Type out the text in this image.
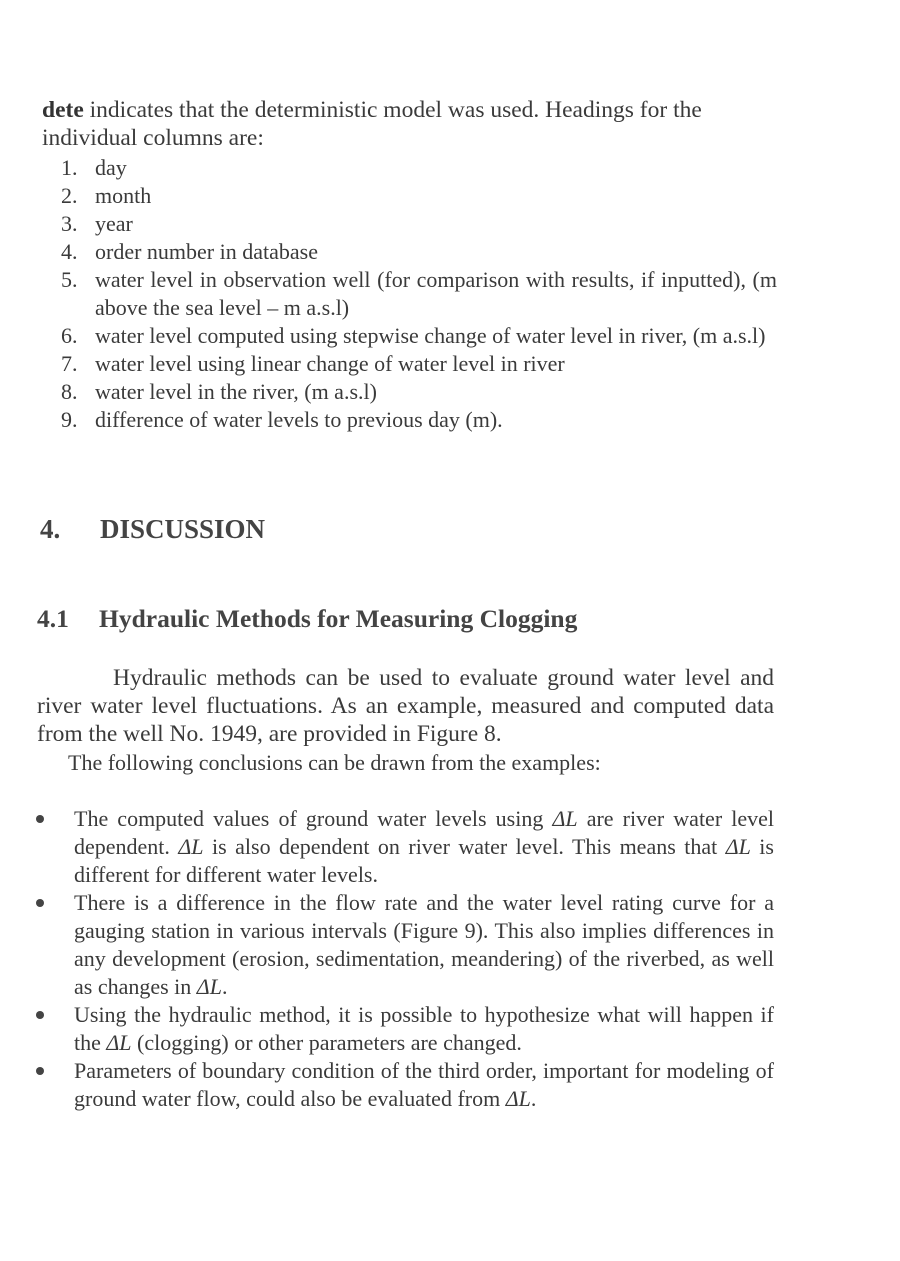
dete indicates that the deterministic model was used. Headings for the individual columns are:

1. day
2. month
3. year
4. order number in database
5. water level in observation well (for comparison with results, if inputted), (m above the sea level – m a.s.l)
6. water level computed using stepwise change of water level in river, (m a.s.l)
7. water level using linear change of water level in river
8. water level in the river, (m a.s.l)
9. difference of water levels to previous day (m).
4. DISCUSSION
4.1 Hydraulic Methods for Measuring Clogging

Hydraulic methods can be used to evaluate ground water level and river water level fluctuations. As an example, measured and computed data from the well No. 1949, are provided in Figure 8.

The following conclusions can be drawn from the examples:

The computed values of ground water levels using ΔL are river water level dependent. ΔL is also dependent on river water level. This means that ΔL is different for different water levels.
There is a difference in the flow rate and the water level rating curve for a gauging station in various intervals (Figure 9). This also implies differences in any development (erosion, sedimentation, meandering) of the riverbed, as well as changes in ΔL.
Using the hydraulic method, it is possible to hypothesize what will happen if the ΔL (clogging) or other parameters are changed.
Parameters of boundary condition of the third order, important for modeling of ground water flow, could also be evaluated from ΔL.
